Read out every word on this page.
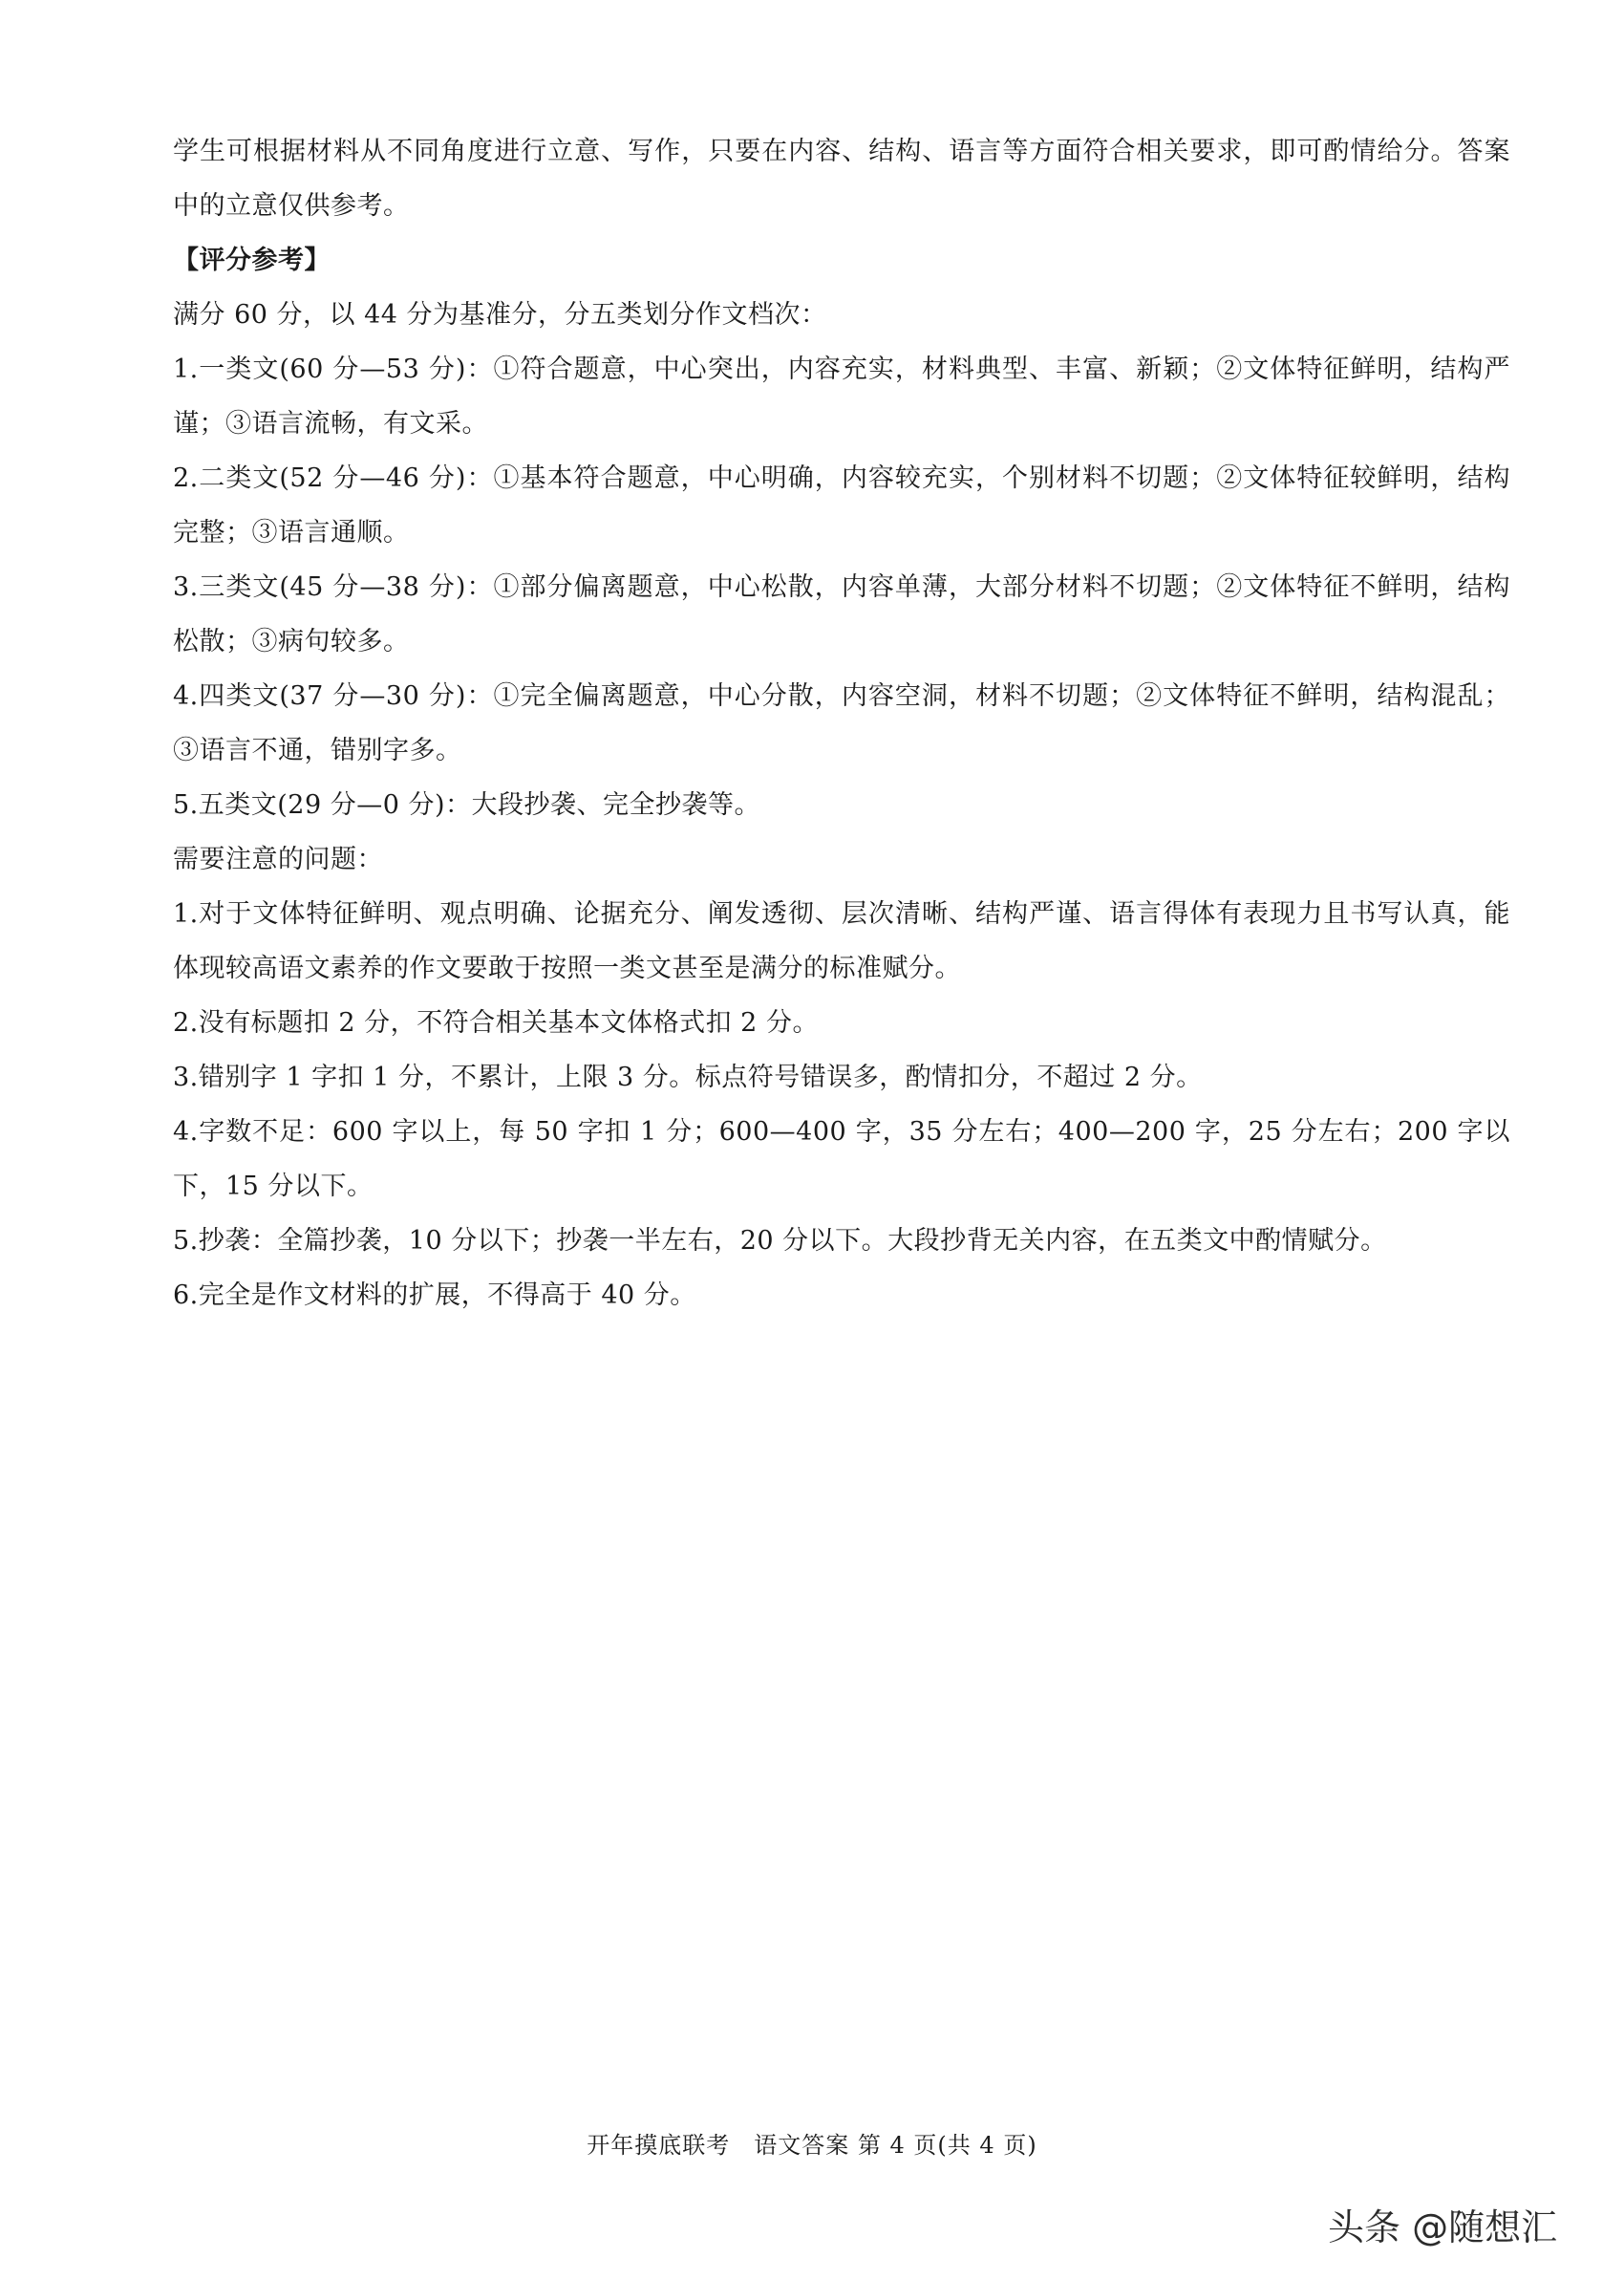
学生可根据材料从不同角度进行立意、写作，只要在内容、结构、语言等方面符合相关要求，即可酌情给分。答案中的立意仅供参考。

【评分参考】

满分 60 分，以 44 分为基准分，分五类划分作文档次：

1.一类文(60 分—53 分)：①符合题意，中心突出，内容充实，材料典型、丰富、新颖；②文体特征鲜明，结构严谨；③语言流畅，有文采。

2.二类文(52 分—46 分)：①基本符合题意，中心明确，内容较充实，个别材料不切题；②文体特征较鲜明，结构完整；③语言通顺。

3.三类文(45 分—38 分)：①部分偏离题意，中心松散，内容单薄，大部分材料不切题；②文体特征不鲜明，结构松散；③病句较多。

4.四类文(37 分—30 分)：①完全偏离题意，中心分散，内容空洞，材料不切题；②文体特征不鲜明，结构混乱；③语言不通，错别字多。

5.五类文(29 分—0 分)：大段抄袭、完全抄袭等。

需要注意的问题：

1.对于文体特征鲜明、观点明确、论据充分、阐发透彻、层次清晰、结构严谨、语言得体有表现力且书写认真，能体现较高语文素养的作文要敢于按照一类文甚至是满分的标准赋分。

2.没有标题扣 2 分，不符合相关基本文体格式扣 2 分。

3.错别字 1 字扣 1 分，不累计，上限 3 分。标点符号错误多，酌情扣分，不超过 2 分。

4.字数不足：600 字以上，每 50 字扣 1 分；600—400 字，35 分左右；400—200 字，25 分左右；200 字以下，15 分以下。

5.抄袭：全篇抄袭，10 分以下；抄袭一半左右，20 分以下。大段抄背无关内容，在五类文中酌情赋分。

6.完全是作文材料的扩展，不得高于 40 分。

开年摸底联考　语文答案 第 4 页(共 4 页)
头条 @随想汇
